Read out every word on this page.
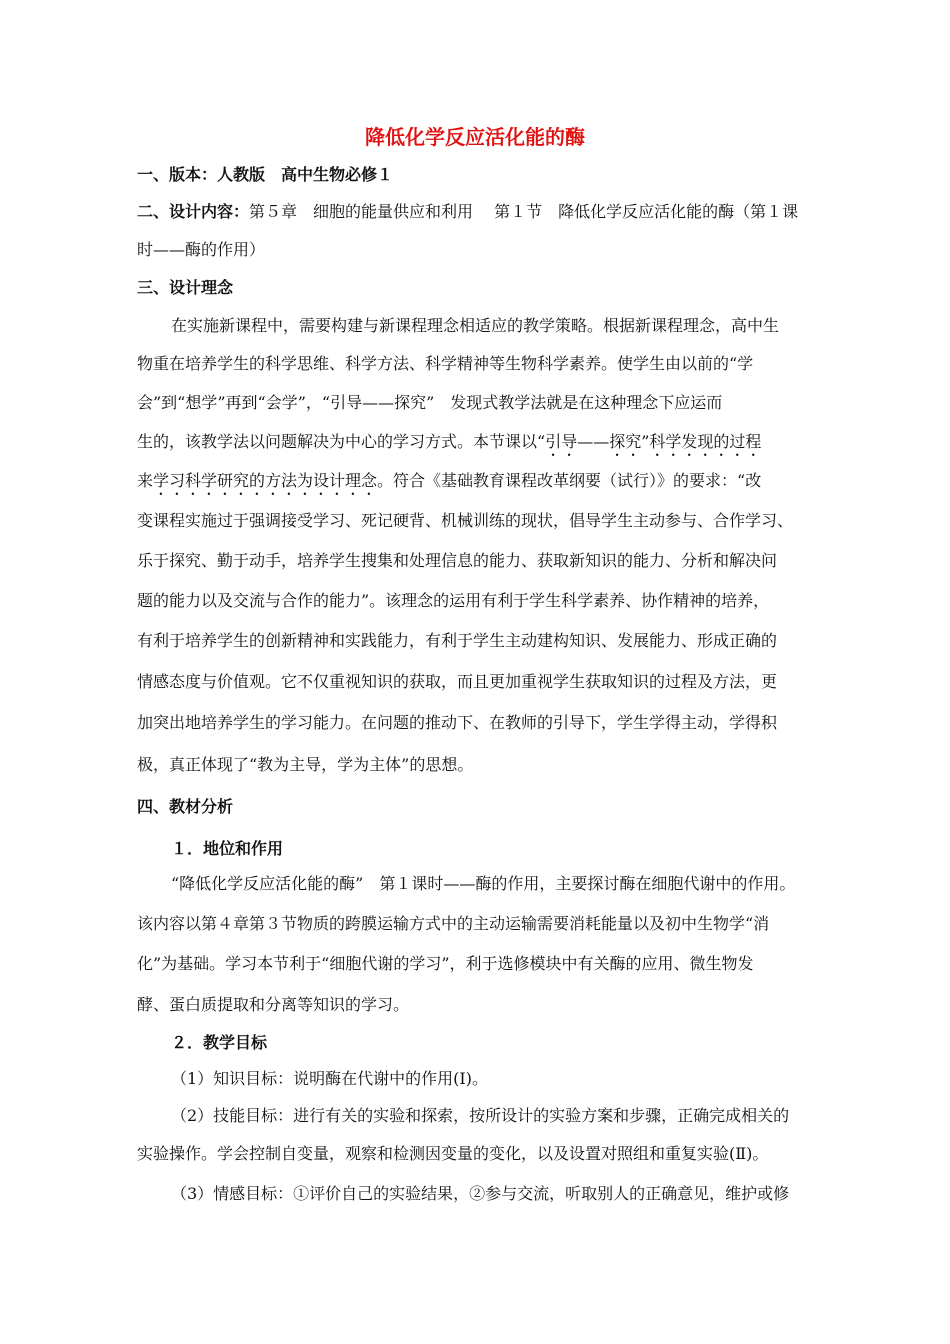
降低化学反应活化能的酶
一、版本：人教版　高中生物必修１
二、设计内容：第５章　细胞的能量供应和利用　 第１节　降低化学反应活化能的酶（第１课
时——酶的作用）
三、设计理念
在实施新课程中，需要构建与新课程理念相适应的教学策略。根据新课程理念，高中生
物重在培养学生的科学思维、科学方法、科学精神等生物科学素养。使学生由以前的“学
会”到“想学”再到“会学”，“引导——探究”　发现式教学法就是在这种理念下应运而
生的，该教学法以问题解决为中心的学习方式。本节课以“引导——探究”科学发现的过程
来学习科学研究的方法为设计理念。符合《基础教育课程改革纲要（试行）》的要求：“改
变课程实施过于强调接受学习、死记硬背、机械训练的现状，倡导学生主动参与、合作学习、
乐于探究、勤于动手，培养学生搜集和处理信息的能力、获取新知识的能力、分析和解决问
题的能力以及交流与合作的能力”。该理念的运用有利于学生科学素养、协作精神的培养，
有利于培养学生的创新精神和实践能力，有利于学生主动建构知识、发展能力、形成正确的
情感态度与价值观。它不仅重视知识的获取，而且更加重视学生获取知识的过程及方法，更
加突出地培养学生的学习能力。在问题的推动下、在教师的引导下，学生学得主动，学得积
极，真正体现了“教为主导，学为主体”的思想。
四、教材分析
１．地位和作用
“降低化学反应活化能的酶”　第１课时——酶的作用，主要探讨酶在细胞代谢中的作用。
该内容以第４章第３节物质的跨膜运输方式中的主动运输需要消耗能量以及初中生物学“消
化”为基础。学习本节利于“细胞代谢的学习”，利于选修模块中有关酶的应用、微生物发
酵、蛋白质提取和分离等知识的学习。
２．教学目标
（1）知识目标：说明酶在代谢中的作用(Ⅰ)。
（2）技能目标：进行有关的实验和探索，按所设计的实验方案和步骤，正确完成相关的
实验操作。学会控制自变量，观察和检测因变量的变化，以及设置对照组和重复实验(Ⅱ)。
（3）情感目标：①评价自己的实验结果，②参与交流，听取别人的正确意见，维护或修
